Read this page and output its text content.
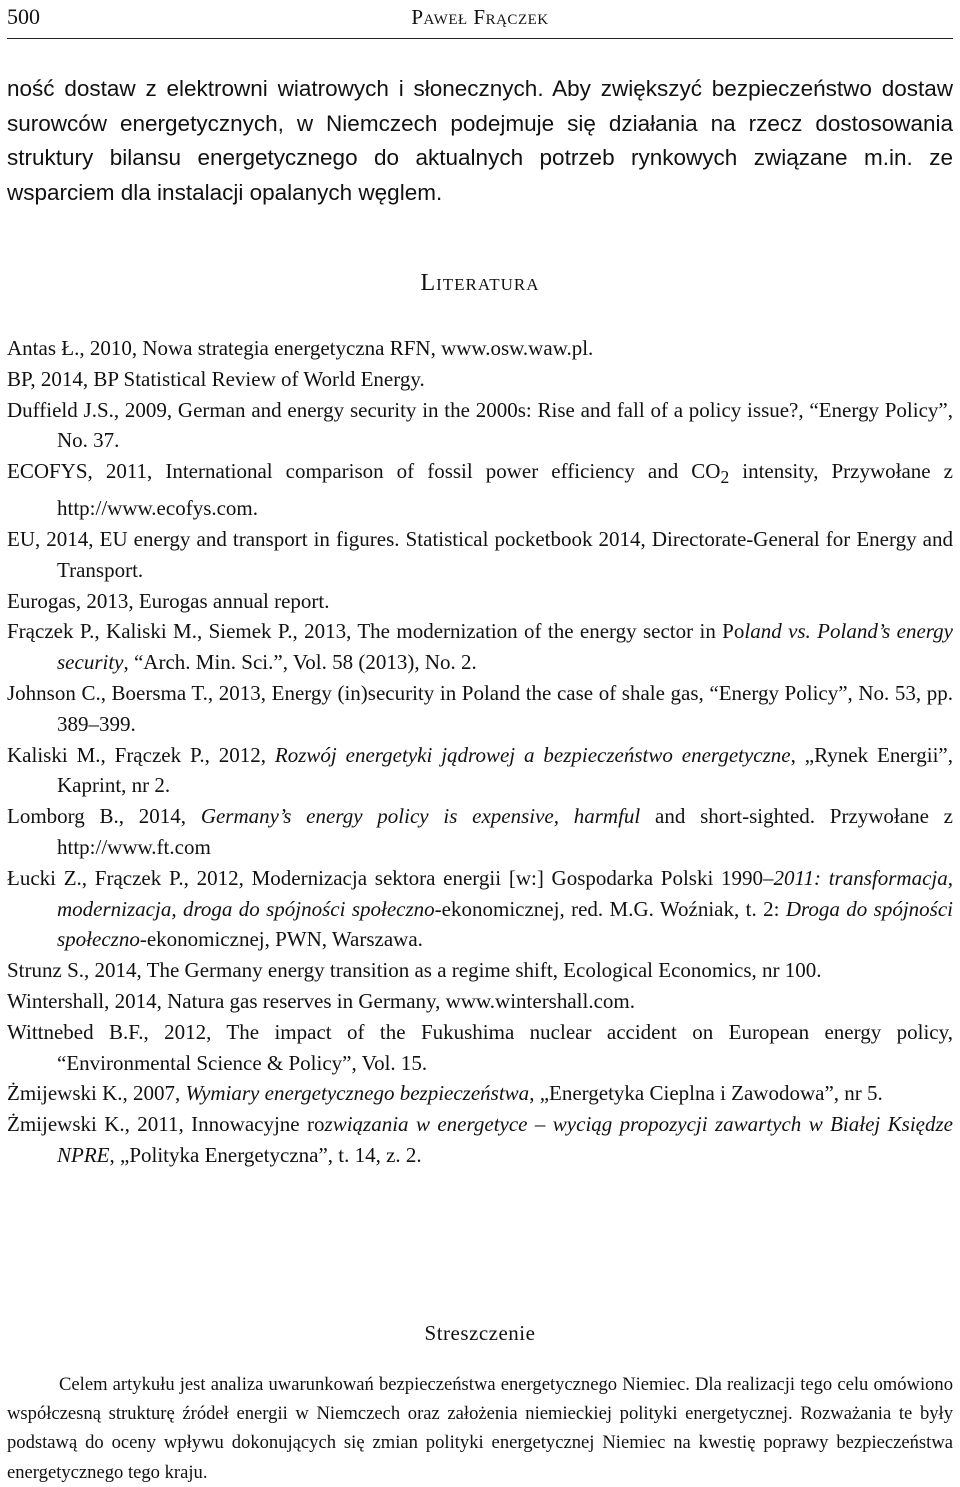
500	Paweł Frączek

ność dostaw z elektrowni wiatrowych i słonecznych. Aby zwiększyć bezpieczeństwo dostaw surowców energetycznych, w Niemczech podejmuje się działania na rzecz dostosowania struktury bilansu energetycznego do aktualnych potrzeb rynkowych związane m.in. ze wsparciem dla instalacji opalanych węglem.

Literatura

Antas Ł., 2010, Nowa strategia energetyczna RFN, www.osw.waw.pl.

BP, 2014, BP Statistical Review of World Energy.

Duffield J.S., 2009, German and energy security in the 2000s: Rise and fall of a policy issue?, “Energy Policy”, No. 37.

ECOFYS, 2011, International comparison of fossil power efficiency and $CO_2$ intensity, Przywołane z http://www.ecofys.com.

EU, 2014, EU energy and transport in figures. Statistical pocketbook 2014, Directorate-General for Energy and Transport.

Eurogas, 2013, Eurogas annual report.

Frączek P., Kaliski M., Siemek P., 2013, The modernization of the energy sector in Poland vs. Poland’s energy security, “Arch. Min. Sci.”, Vol. 58 (2013), No. 2.

Johnson C., Boersma T., 2013, Energy (in)security in Poland the case of shale gas, “Energy Policy”, No. 53, pp. 389–399.

Kaliski M., Frączek P., 2012, Rozwój energetyki jądrowej a bezpieczeństwo energetyczne, „Rynek Energii”, Kaprint, nr 2.

Lomborg B., 2014, Germany’s energy policy is expensive, harmful and short-sighted. Przywołane z http://www.ft.com

Łucki Z., Frączek P., 2012, Modernizacja sektora energii [w:] Gospodarka Polski 1990–2011: transformacja, modernizacja, droga do spójności społeczno-ekonomicznej, red. M.G. Woźniak, t. 2: Droga do spójności społeczno-ekonomicznej, PWN, Warszawa.

Strunz S., 2014, The Germany energy transition as a regime shift, Ecological Economics, nr 100.

Wintershall, 2014, Natura gas reserves in Germany, www.wintershall.com.

Wittnebed B.F., 2012, The impact of the Fukushima nuclear accident on European energy policy, “Environmental Science & Policy”, Vol. 15.

Żmijewski K., 2007, Wymiary energetycznego bezpieczeństwa, „Energetyka Cieplna i Zawodowa”, nr 5.

Żmijewski K., 2011, Innowacyjne rozwiązania w energetyce – wyciąg propozycji zawartych w Białej Księdze NPRE, „Polityka Energetyczna”, t. 14, z. 2.

Streszczenie

Celem artykułu jest analiza uwarunkowań bezpieczeństwa energetycznego Niemiec. Dla realizacji tego celu omówiono współczesną strukturę źródeł energii w Niemczech oraz założenia niemieckiej polityki energetycznej. Rozważania te były podstawą do oceny wpływu dokonujących się zmian polityki energetycznej Niemiec na kwestię poprawy bezpieczeństwa energetycznego tego kraju.
